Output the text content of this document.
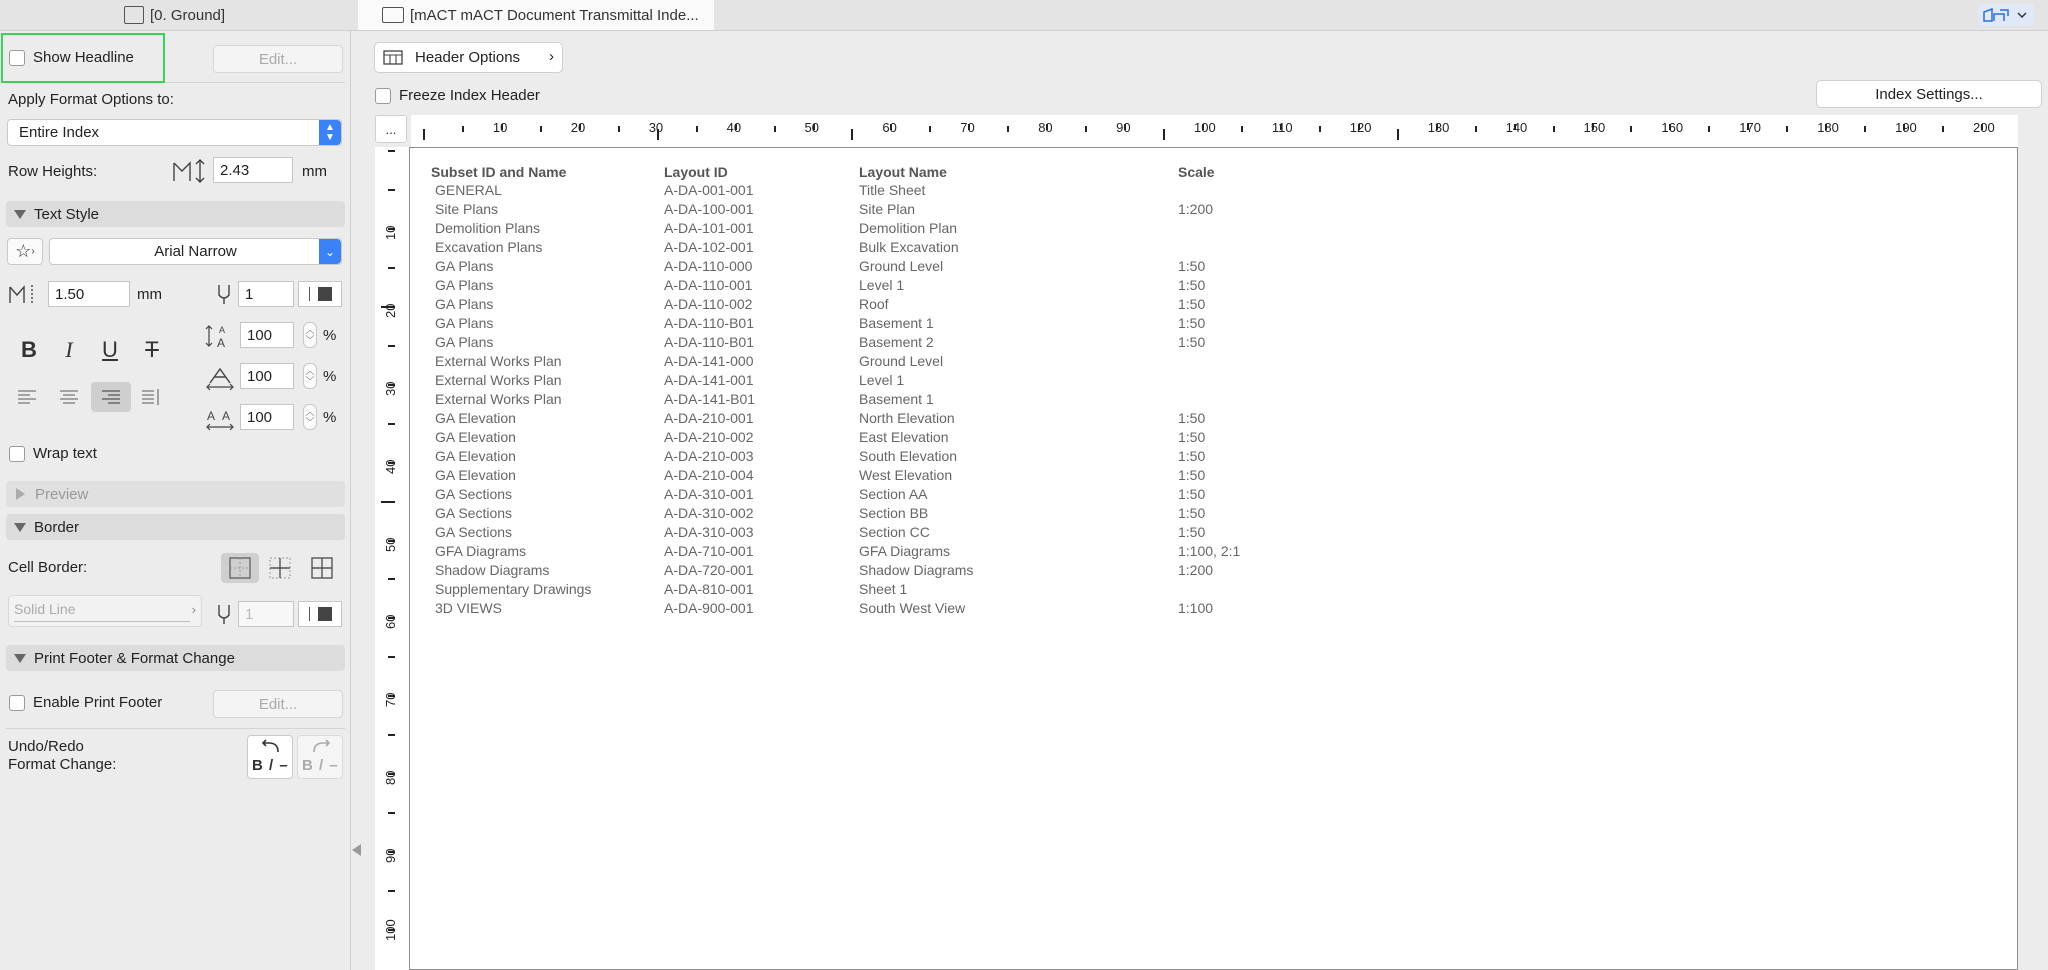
[0. Ground]	[mACT mACT Document Transmittal Inde...
Show Headline	Edit...
Apply Format Options to:
Entire Index	▲
▼
Row Heights:	2.43	mm
Text Style
☆ ›	Arial Narrow	⌄
1.50	mm	1
A
A	100	︿
﹀ %
100	︿
﹀ %
A A	100	︿
﹀ %
B	I	U T
Wrap text
Preview
Border
Cell Border:
Solid Line	›	1
Print Footer & Format Change
Enable Print Footer	Edit...
Undo/Redo
Format Change:	B / – B / –
Header Options ›
Freeze Index Header	Index Settings...
...	10	20	30	40	50	60	70	80	90	100	110	120	130	140	150	160	170	180	190	200
10
20
30
40
50
60
70
80
90
100
Subset ID and Name	Layout ID	Layout Name	Scale
GENERAL	A-DA-001-001	Title Sheet
Site Plans	A-DA-100-001	Site Plan	1:200
Demolition Plans	A-DA-101-001	Demolition Plan
Excavation Plans	A-DA-102-001	Bulk Excavation
GA Plans	A-DA-110-000	Ground Level	1:50
GA Plans	A-DA-110-001	Level 1	1:50
GA Plans	A-DA-110-002	Roof	1:50
GA Plans	A-DA-110-B01	Basement 1	1:50
GA Plans	A-DA-110-B01	Basement 2	1:50
External Works Plan	A-DA-141-000	Ground Level
External Works Plan	A-DA-141-001	Level 1
External Works Plan	A-DA-141-B01	Basement 1
GA Elevation	A-DA-210-001	North Elevation	1:50
GA Elevation	A-DA-210-002	East Elevation	1:50
GA Elevation	A-DA-210-003	South Elevation	1:50
GA Elevation	A-DA-210-004	West Elevation	1:50
GA Sections	A-DA-310-001	Section AA	1:50
GA Sections	A-DA-310-002	Section BB	1:50
GA Sections	A-DA-310-003	Section CC	1:50
GFA Diagrams	A-DA-710-001	GFA Diagrams	1:100, 2:1
Shadow Diagrams	A-DA-720-001	Shadow Diagrams	1:200
Supplementary Drawings	A-DA-810-001	Sheet 1
3D VIEWS	A-DA-900-001	South West View	1:100
